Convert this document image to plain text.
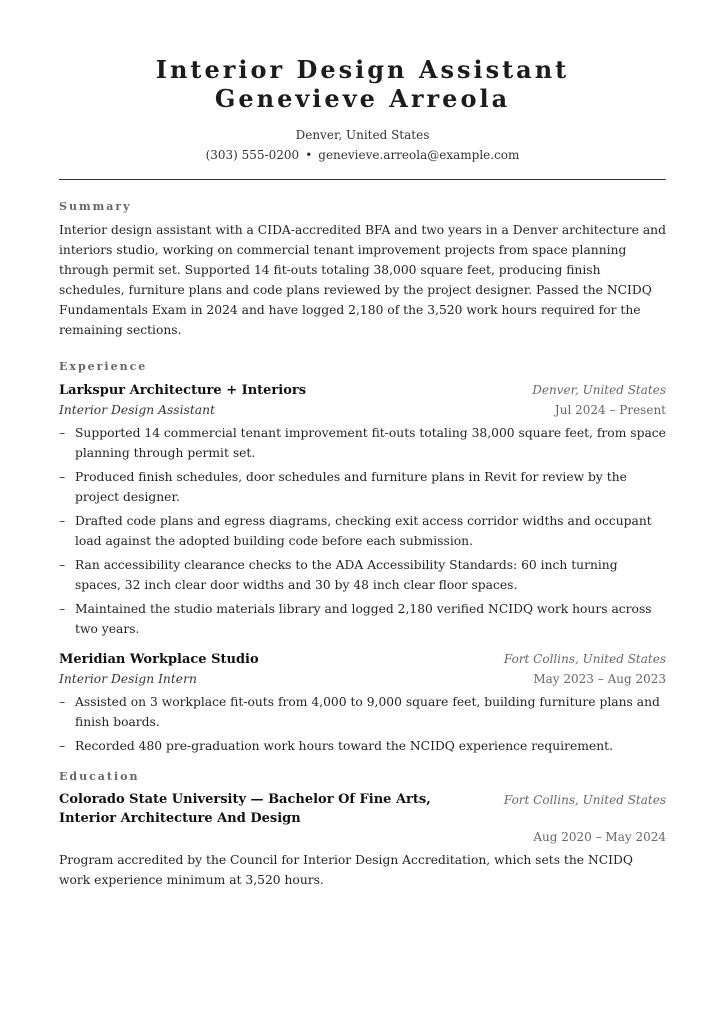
Interior Design Assistant
Genevieve Arreola
Denver, United States
(303) 555-0200 • genevieve.arreola@example.com
Summary

Interior design assistant with a CIDA-accredited BFA and two years in a Denver architecture and interiors studio, working on commercial tenant improvement projects from space planning through permit set. Supported 14 fit-outs totaling 38,000 square feet, producing finish schedules, furniture plans and code plans reviewed by the project designer. Passed the NCIDQ Fundamentals Exam in 2024 and have logged 2,180 of the 3,520 work hours required for the remaining sections.

Experience
Larkspur Architecture + Interiors	Denver, United States
Interior Design Assistant	Jul 2024 – Present
– Supported 14 commercial tenant improvement fit-outs totaling 38,000 square feet, from space planning through permit set.
– Produced finish schedules, door schedules and furniture plans in Revit for review by the project designer.
– Drafted code plans and egress diagrams, checking exit access corridor widths and occupant load against the adopted building code before each submission.
– Ran accessibility clearance checks to the ADA Accessibility Standards: 60 inch turning spaces, 32 inch clear door widths and 30 by 48 inch clear floor spaces.
– Maintained the studio materials library and logged 2,180 verified NCIDQ work hours across two years.
Meridian Workplace Studio	Fort Collins, United States
Interior Design Intern	May 2023 – Aug 2023
– Assisted on 3 workplace fit-outs from 4,000 to 9,000 square feet, building furniture plans and finish boards.
– Recorded 480 pre-graduation work hours toward the NCIDQ experience requirement.
Education
Colorado State University — Bachelor Of Fine Arts, Interior Architecture And Design
Fort Collins, United States
Aug 2020 – May 2024

Program accredited by the Council for Interior Design Accreditation, which sets the NCIDQ work experience minimum at 3,520 hours.
